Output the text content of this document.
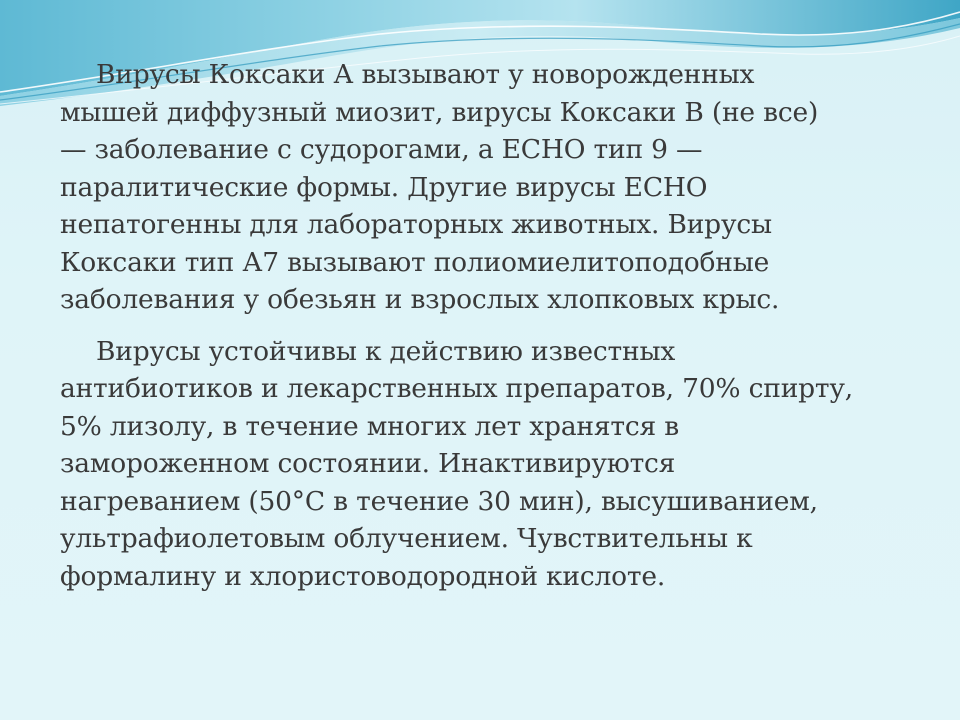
Вирусы Коксаки А вызывают у новорожденных
мышей диффузный миозит, вирусы Коксаки В (не все)
— заболевание с судорогами, а ЕСНО тип 9 —
паралитические формы. Другие вирусы ЕСНО
непатогенны для лабораторных животных. Вирусы
Коксаки тип А7 вызывают полиомиелитоподобные
заболевания у обезьян и взрослых хлопковых крыс.

Вирусы устойчивы к действию известных
антибиотиков и лекарственных препаратов, 70% спирту,
5% лизолу, в течение многих лет хранятся в
замороженном состоянии. Инактивируются
нагреванием (50°С в течение 30 мин), высушиванием,
ультрафиолетовым облучением. Чувствительны к
формалину и хлористоводородной кислоте.
